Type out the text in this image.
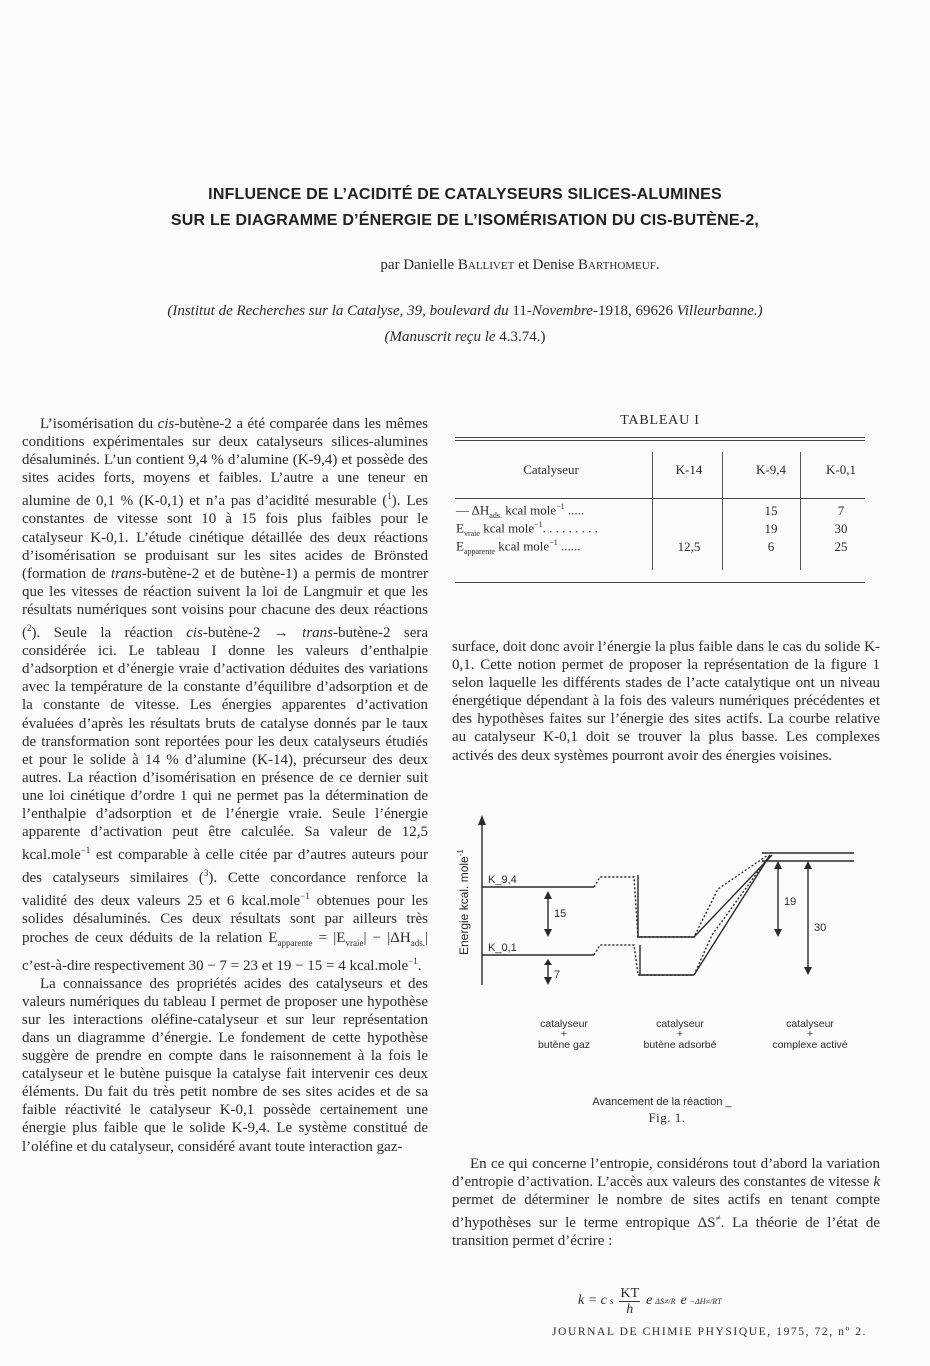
INFLUENCE DE L’ACIDITÉ DE CATALYSEURS SILICES-ALUMINES
SUR LE DIAGRAMME D’ÉNERGIE DE L’ISOMÉRISATION DU CIS-BUTÈNE-2,
par Danielle Ballivet et Denise Barthomeuf.
(Institut de Recherches sur la Catalyse, 39, boulevard du 11-Novembre-1918, 69626 Villeurbanne.)
(Manuscrit reçu le 4.3.74.)

L’isomérisation du cis-butène-2 a été comparée dans les mêmes conditions expérimentales sur deux catalyseurs silices-alumines désaluminés. L’un contient 9,4 % d’alumine (K-9,4) et possède des sites acides forts, moyens et faibles. L’autre a une teneur en alumine de 0,1 % (K-0,1) et n’a pas d’acidité mesurable ($^1$). Les constantes de vitesse sont 10 à 15 fois plus faibles pour le catalyseur K-0,1. L’étude cinétique détaillée des deux réactions d’isomérisation se produisant sur les sites acides de Brönsted (formation de trans-butène-2 et de butène-1) a permis de montrer que les vitesses de réaction suivent la loi de Langmuir et que les résultats numériques sont voisins pour chacune des deux réactions ($^2$). Seule la réaction cis-butène-2 → trans-butène-2 sera considérée ici. Le tableau I donne les valeurs d’enthalpie d’adsorption et d’énergie vraie d’activation déduites des variations avec la température de la constante d’équilibre d’adsorption et de la constante de vitesse. Les énergies apparentes d’activation évaluées d’après les résultats bruts de catalyse donnés par le taux de transformation sont reportées pour les deux catalyseurs étudiés et pour le solide à 14 % d’alumine (K-14), précurseur des deux autres. La réaction d’isomérisation en présence de ce dernier suit une loi cinétique d’ordre 1 qui ne permet pas la détermination de l’enthalpie d’adsorption et de l’énergie vraie. Seule l’énergie apparente d’activation peut être calculée. Sa valeur de 12,5 kcal.mole$^{-1}$ est comparable à celle citée par d’autres auteurs pour des catalyseurs similaires ($^3$). Cette concordance renforce la validité des deux valeurs 25 et 6 kcal.mole$^{-1}$ obtenues pour les solides désaluminés. Ces deux résultats sont par ailleurs très proches de ceux déduits de la relation $E_{apparente} = |E_{vraie}| - |\Delta H_{ads.}|$ c’est-à-dire respectivement 30 − 7 = 23 et 19 − 15 = 4 kcal.mole$^{-1}$.

La connaissance des propriétés acides des catalyseurs et des valeurs numériques du tableau I permet de proposer une hypothèse sur les interactions oléfine-catalyseur et sur leur représentation dans un diagramme d’énergie. Le fondement de cette hypothèse suggère de prendre en compte dans le raisonnement à la fois le catalyseur et le butène puisque la catalyse fait intervenir ces deux éléments. Du fait du très petit nombre de ses sites acides et de sa faible réactivité le catalyseur K-0,1 possède certainement une énergie plus faible que le solide K-9,4. Le système constitué de l’oléfine et du catalyseur, considéré avant toute interaction gaz-

TABLEAU I
Catalyseur	K-14	K-9,4	K-0,1
— $\Delta H_{ads.}$ kcal mole$^{-1}$ .....		15	7
$E_{vraie}$ kcal mole$^{-1}$. . . . . . . . .		19	30
$E_{apparente}$ kcal mole$^{-1}$ ......	12,5	6	25

surface, doit donc avoir l’énergie la plus faible dans le cas du solide K-0,1. Cette notion permet de proposer la représentation de la figure 1 selon laquelle les différents stades de l’acte catalytique ont un niveau énergétique dépendant à la fois des valeurs numériques précédentes et des hypothèses faites sur l’énergie des sites actifs. La courbe relative au catalyseur K-0,1 doit se trouver la plus basse. Les complexes activés des deux systèmes pourront avoir des énergies voisines.

Energie kcal. mole$^{-1}$
K_9,4
K_0,1
15
7
19
30
catalyseur
+
butène gaz
catalyseur
+
butène adsorbé
catalyseur
+
complexe activé
Avancement de la réaction _
Fig. 1.

En ce qui concerne l’entropie, considérons tout d’abord la variation d’entropie d’activation. L’accès aux valeurs des constantes de vitesse k permet de déterminer le nombre de sites actifs en tenant compte d’hypothèses sur le terme entropique ΔS≠. La théorie de l’état de transition permet d’écrire :

k = c s
KT
h
e ΔS≠/R e −ΔH≠/RT
JOURNAL DE CHIMIE PHYSIQUE, 1975, 72, nº 2.
